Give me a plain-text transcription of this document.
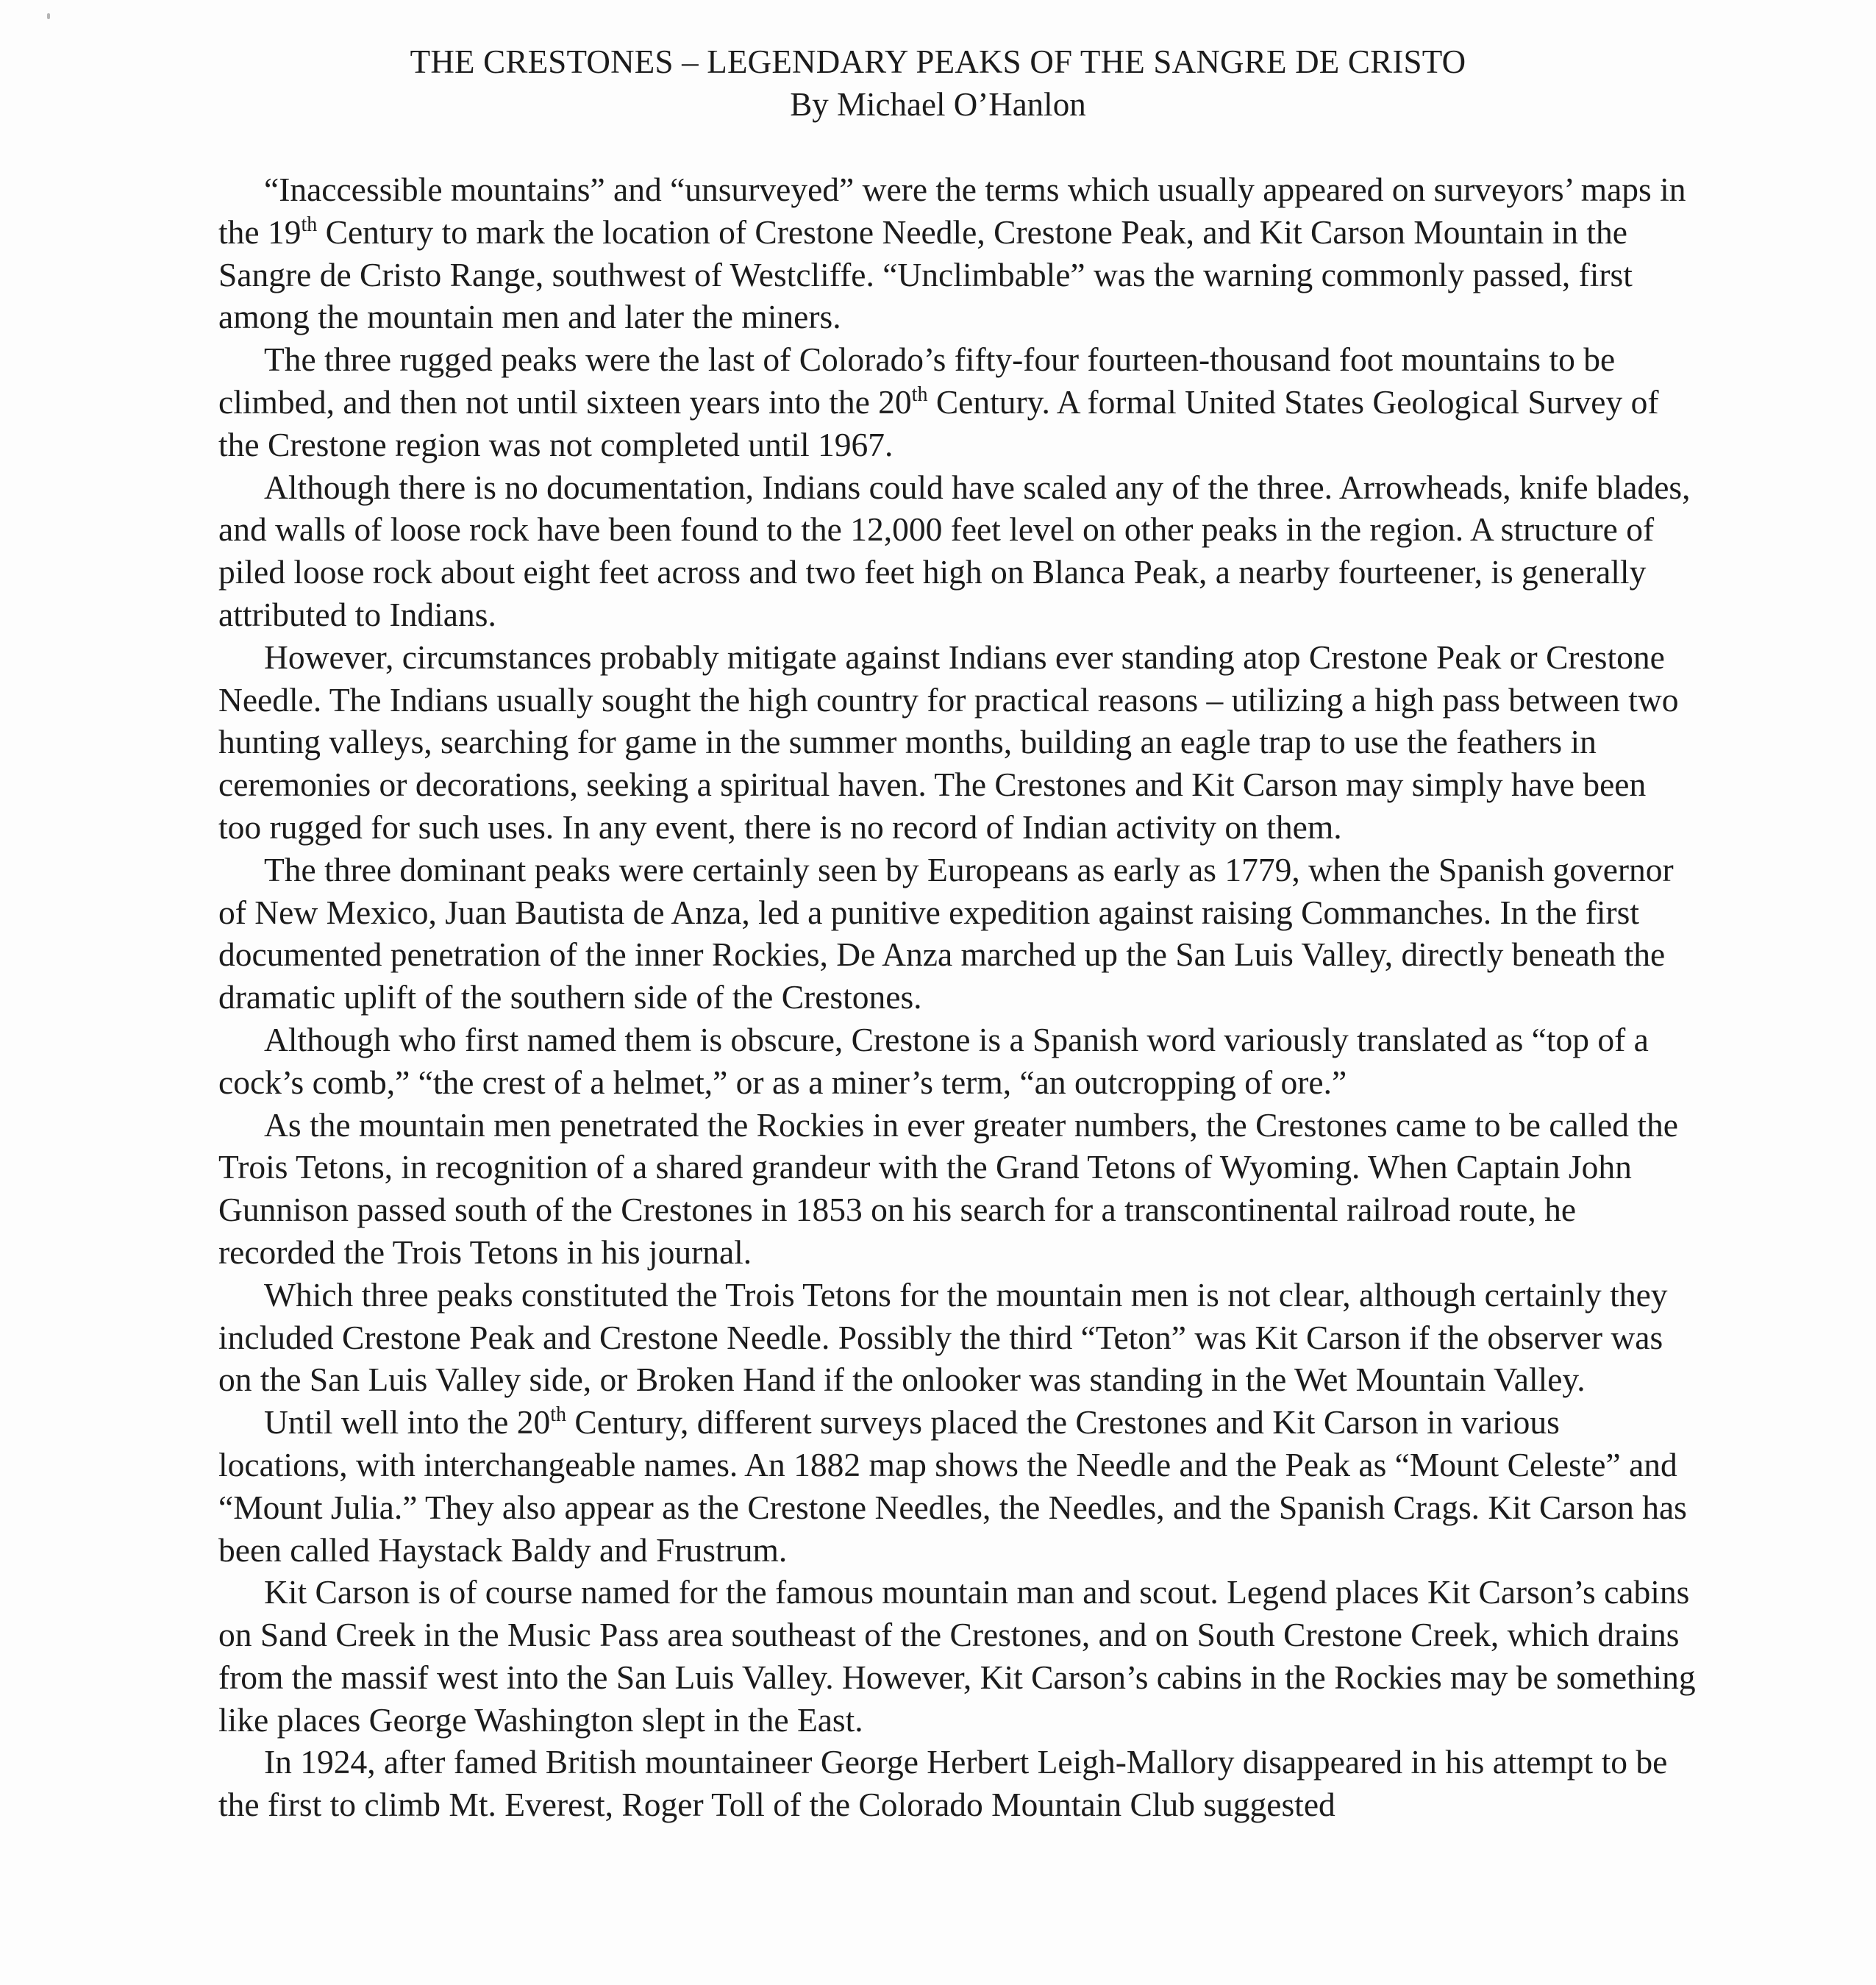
THE CRESTONES – LEGENDARY PEAKS OF THE SANGRE DE CRISTO

By Michael O’Hanlon

“Inaccessible mountains” and “unsurveyed” were the terms which usually appeared on surveyors’ maps in the 19th Century to mark the location of Crestone Needle, Crestone Peak, and Kit Carson Mountain in the Sangre de Cristo Range, southwest of Westcliffe. “Unclimbable” was the warning commonly passed, first among the mountain men and later the miners.

The three rugged peaks were the last of Colorado’s fifty-four fourteen-thousand foot mountains to be climbed, and then not until sixteen years into the 20th Century. A formal United States Geological Survey of the Crestone region was not completed until 1967.

Although there is no documentation, Indians could have scaled any of the three. Arrowheads, knife blades, and walls of loose rock have been found to the 12,000 feet level on other peaks in the region. A structure of piled loose rock about eight feet across and two feet high on Blanca Peak, a nearby fourteener, is generally attributed to Indians.

However, circumstances probably mitigate against Indians ever standing atop Crestone Peak or Crestone Needle. The Indians usually sought the high country for practical reasons – utilizing a high pass between two hunting valleys, searching for game in the summer months, building an eagle trap to use the feathers in ceremonies or decorations, seeking a spiritual haven. The Crestones and Kit Carson may simply have been too rugged for such uses. In any event, there is no record of Indian activity on them.

The three dominant peaks were certainly seen by Europeans as early as 1779, when the Spanish governor of New Mexico, Juan Bautista de Anza, led a punitive expedition against raising Commanches. In the first documented penetration of the inner Rockies, De Anza marched up the San Luis Valley, directly beneath the dramatic uplift of the southern side of the Crestones.

Although who first named them is obscure, Crestone is a Spanish word variously translated as “top of a cock’s comb,” “the crest of a helmet,” or as a miner’s term, “an outcropping of ore.”

As the mountain men penetrated the Rockies in ever greater numbers, the Crestones came to be called the Trois Tetons, in recognition of a shared grandeur with the Grand Tetons of Wyoming. When Captain John Gunnison passed south of the Crestones in 1853 on his search for a transcontinental railroad route, he recorded the Trois Tetons in his journal.

Which three peaks constituted the Trois Tetons for the mountain men is not clear, although certainly they included Crestone Peak and Crestone Needle. Possibly the third “Teton” was Kit Carson if the observer was on the San Luis Valley side, or Broken Hand if the onlooker was standing in the Wet Mountain Valley.

Until well into the 20th Century, different surveys placed the Crestones and Kit Carson in various locations, with interchangeable names. An 1882 map shows the Needle and the Peak as “Mount Celeste” and “Mount Julia.” They also appear as the Crestone Needles, the Needles, and the Spanish Crags. Kit Carson has been called Haystack Baldy and Frustrum.

Kit Carson is of course named for the famous mountain man and scout. Legend places Kit Carson’s cabins on Sand Creek in the Music Pass area southeast of the Crestones, and on South Crestone Creek, which drains from the massif west into the San Luis Valley. However, Kit Carson’s cabins in the Rockies may be something like places George Washington slept in the East.

In 1924, after famed British mountaineer George Herbert Leigh-Mallory disappeared in his attempt to be the first to climb Mt. Everest, Roger Toll of the Colorado Mountain Club suggested
